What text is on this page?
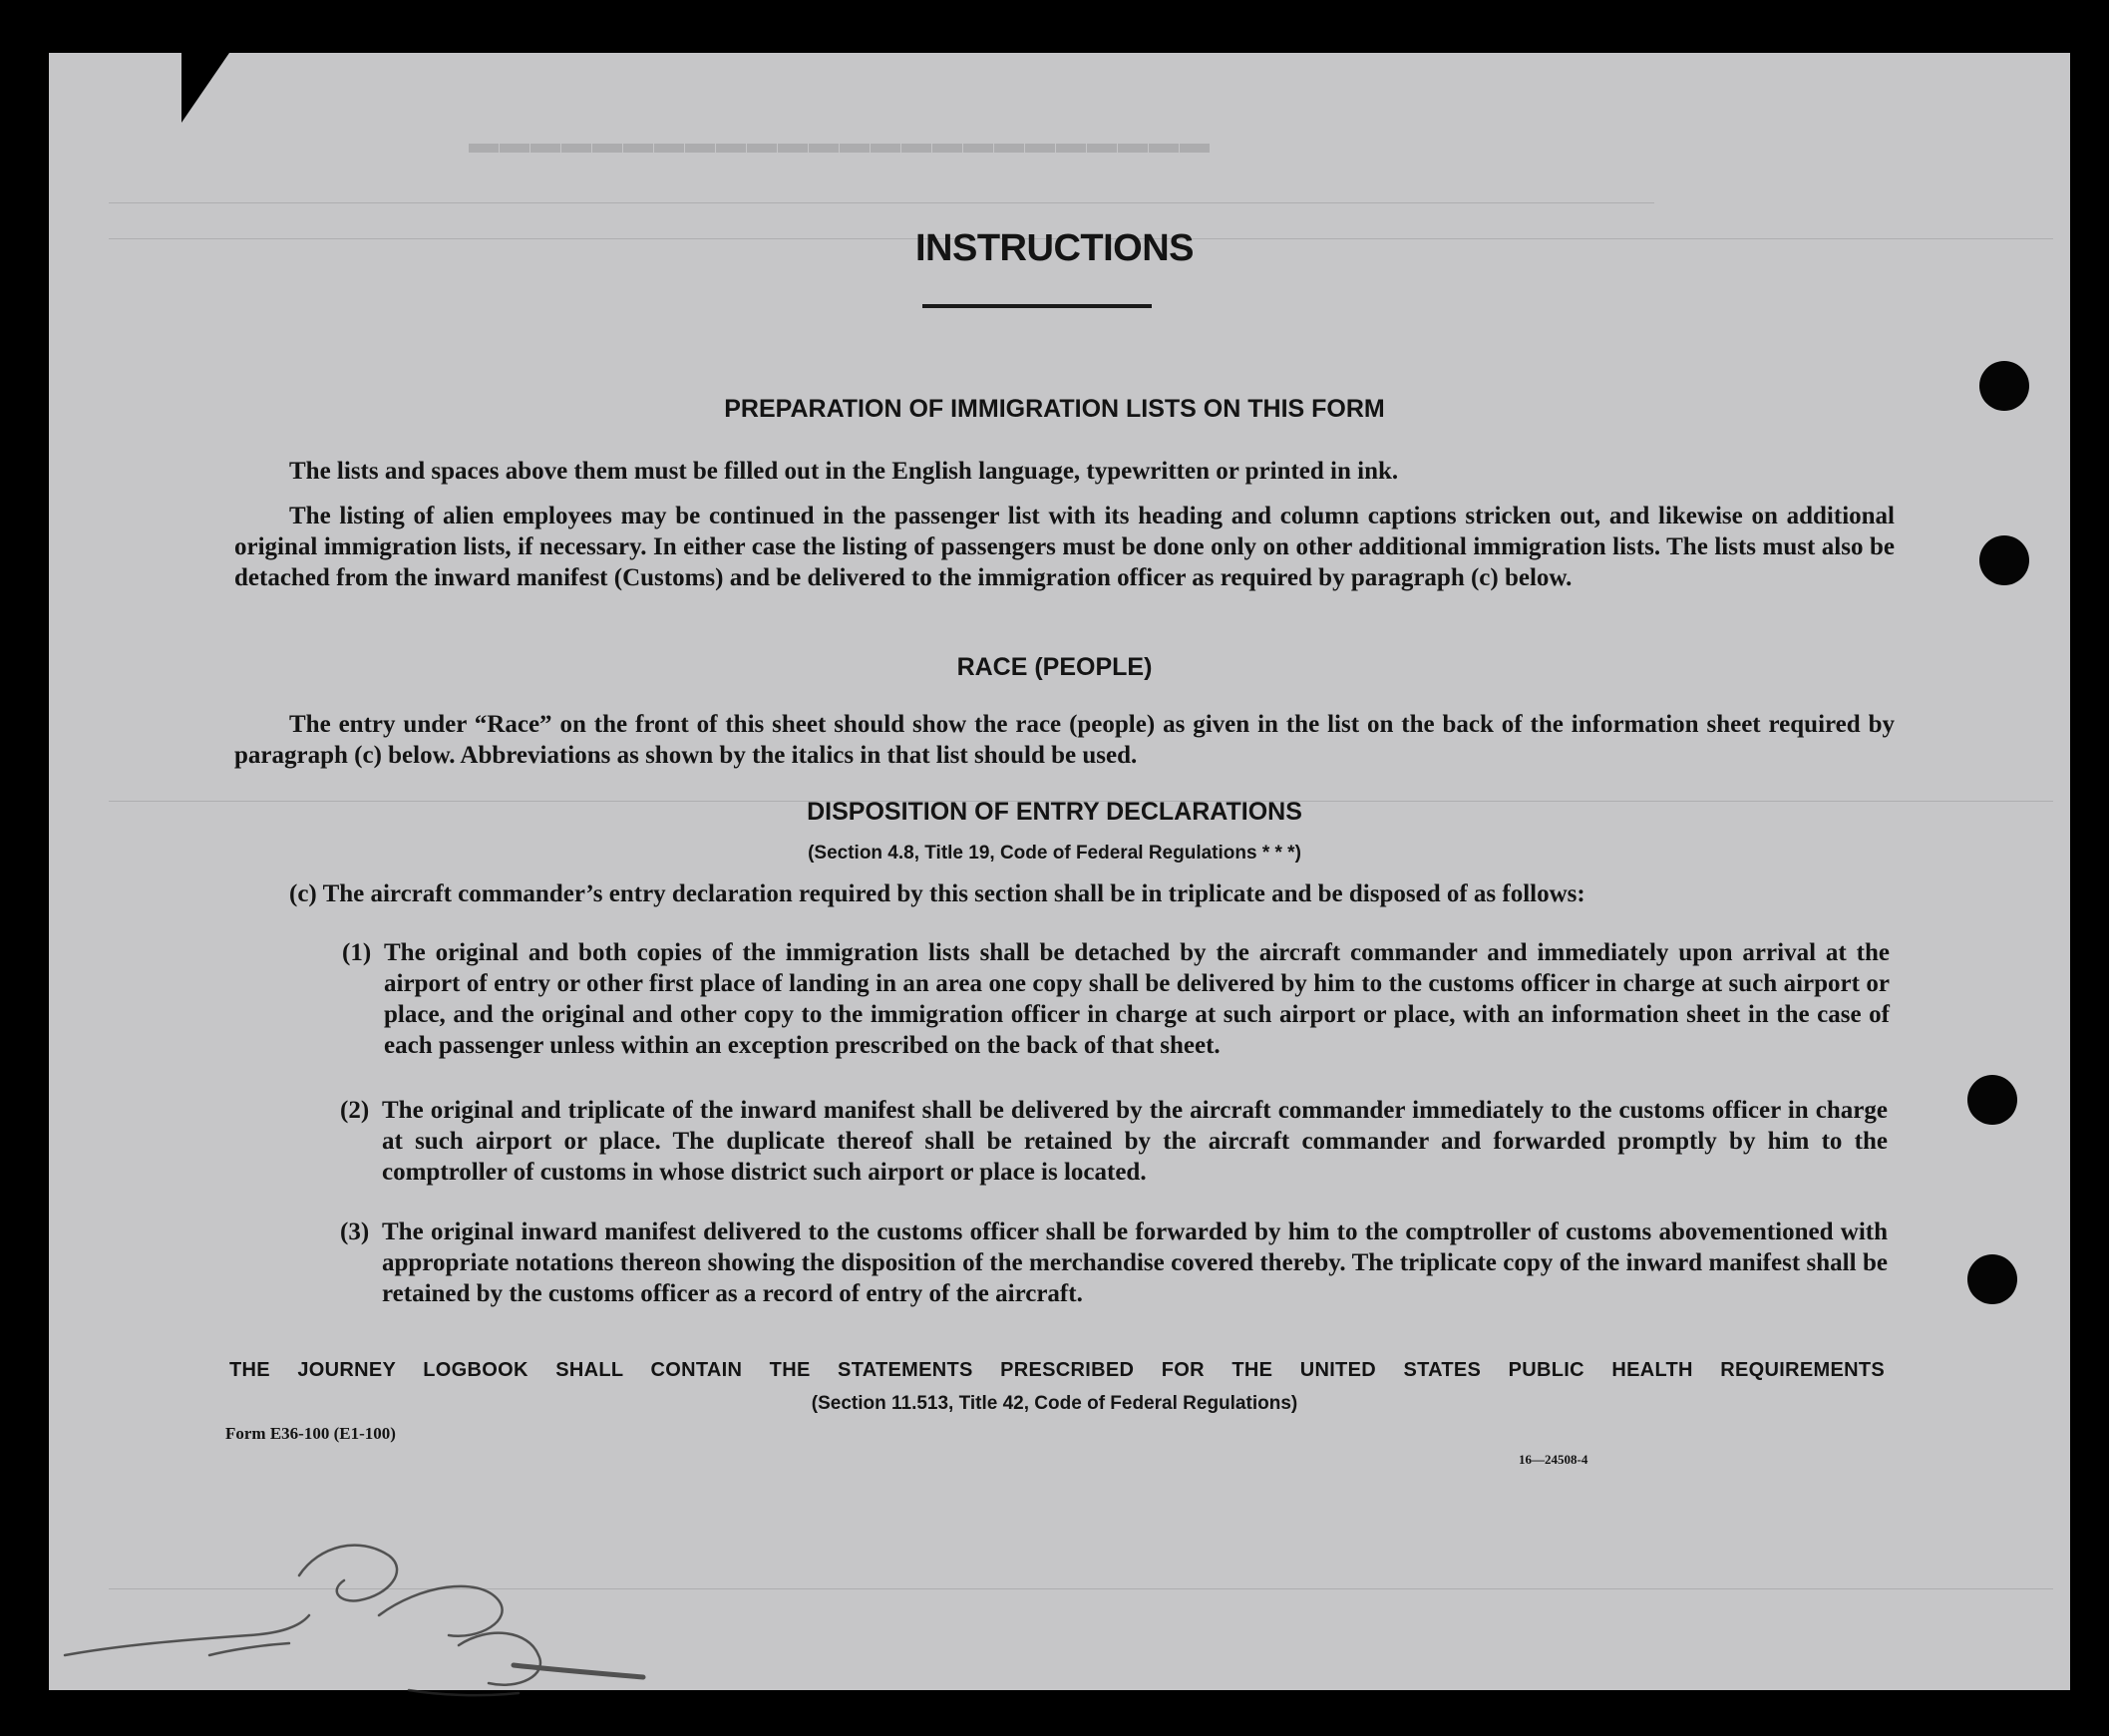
▬▬▬▬▬▬▬▬▬▬▬▬▬▬▬▬▬▬▬▬▬▬▬▬
INSTRUCTIONS
PREPARATION OF IMMIGRATION LISTS ON THIS FORM
The lists and spaces above them must be filled out in the English language, typewritten or printed in ink.
The listing of alien employees may be continued in the passenger list with its heading and column captions stricken out, and likewise on additional original immigration lists, if necessary. In either case the listing of passengers must be done only on other additional immigration lists. The lists must also be detached from the inward manifest (Customs) and be delivered to the immigration officer as required by paragraph (c) below.
RACE (PEOPLE)
The entry under “Race” on the front of this sheet should show the race (people) as given in the list on the back of the information sheet required by paragraph (c) below. Abbreviations as shown by the italics in that list should be used.
DISPOSITION OF ENTRY DECLARATIONS
(Section 4.8, Title 19, Code of Federal Regulations * * *)
(c) The aircraft commander’s entry declaration required by this section shall be in triplicate and be disposed of as follows:
(1) The original and both copies of the immigration lists shall be detached by the aircraft commander and immediately upon arrival at the airport of entry or other first place of landing in an area one copy shall be delivered by him to the customs officer in charge at such airport or place, and the original and other copy to the immigration officer in charge at such airport or place, with an information sheet in the case of each passenger unless within an exception prescribed on the back of that sheet.
(2) The original and triplicate of the inward manifest shall be delivered by the aircraft commander immediately to the customs officer in charge at such airport or place. The duplicate thereof shall be retained by the aircraft commander and forwarded promptly by him to the comptroller of customs in whose district such airport or place is located.
(3) The original inward manifest delivered to the customs officer shall be forwarded by him to the comptroller of customs abovementioned with appropriate notations thereon showing the disposition of the merchandise covered thereby. The triplicate copy of the inward manifest shall be retained by the customs officer as a record of entry of the aircraft.
THE JOURNEY LOGBOOK SHALL CONTAIN THE STATEMENTS PRESCRIBED FOR THE UNITED STATES PUBLIC HEALTH REQUIREMENTS
(Section 11.513, Title 42, Code of Federal Regulations)
Form E36-100 (E1-100)
16—24508-4
